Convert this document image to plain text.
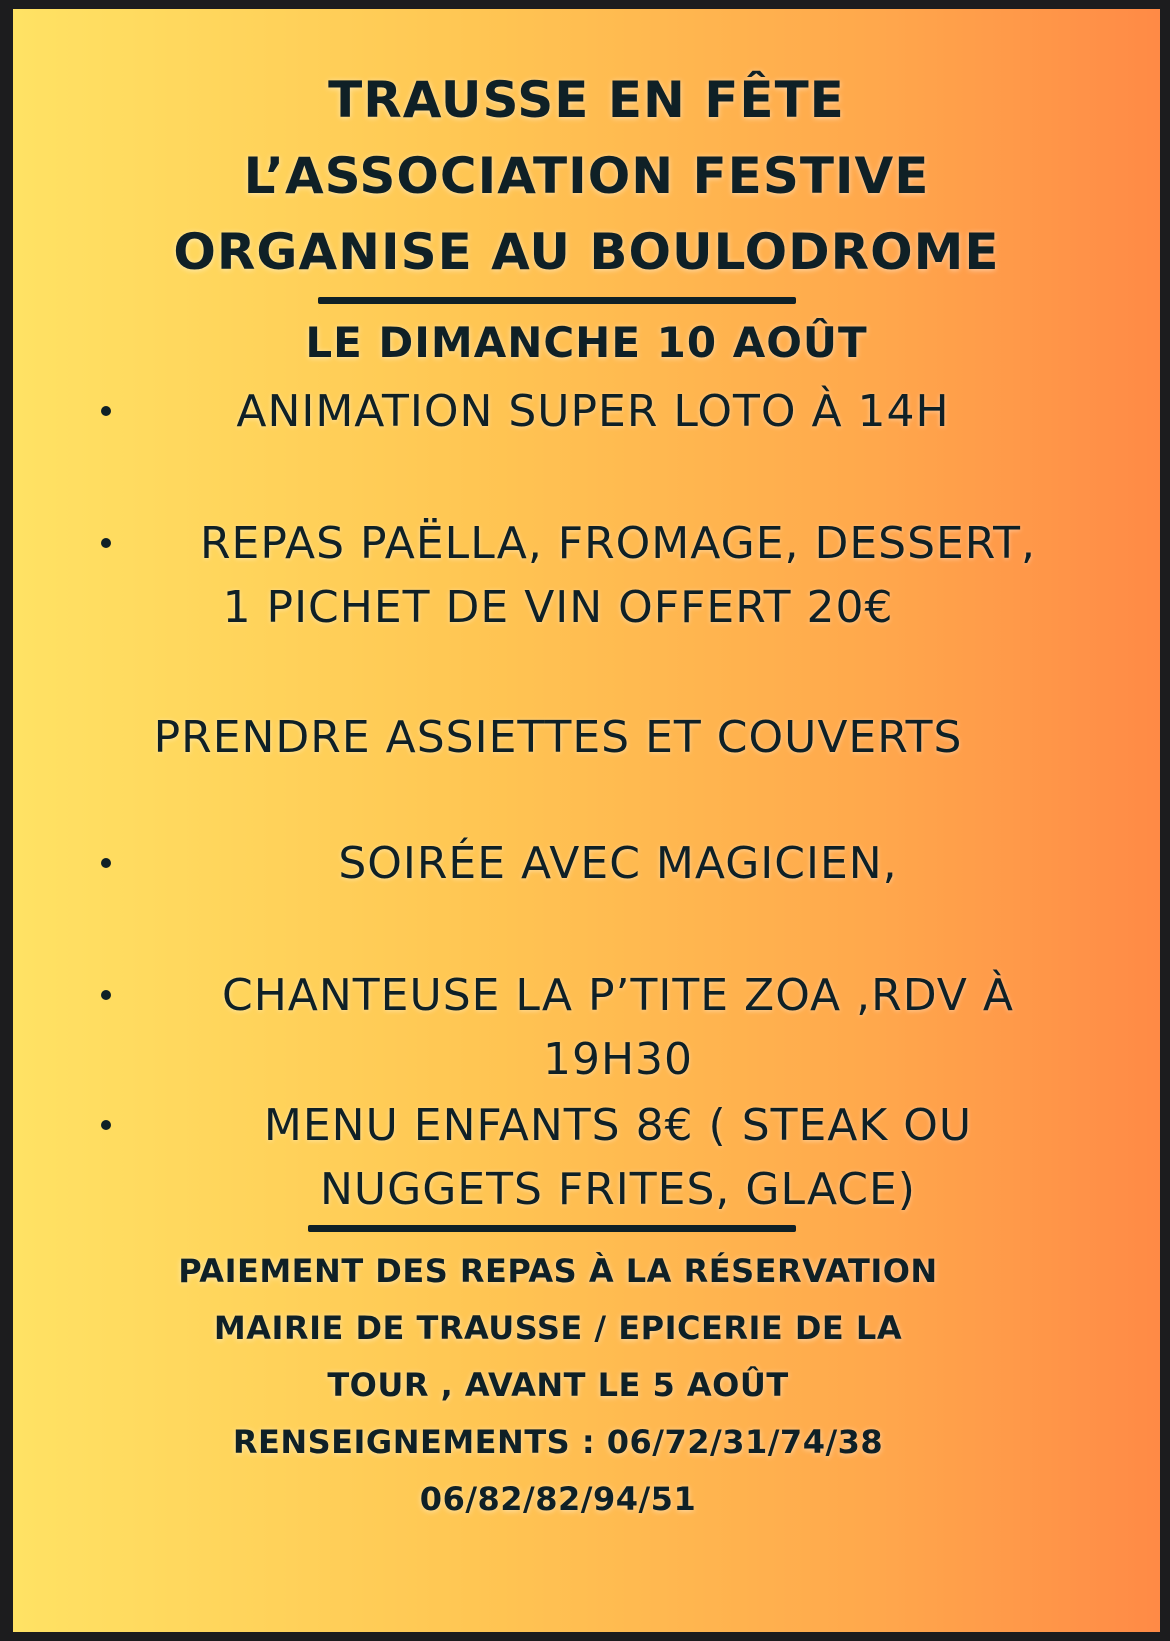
TRAUSSE EN FÊTE
L’ASSOCIATION FESTIVE
ORGANISE AU BOULODROME
LE DIMANCHE 10 AOÛT
ANIMATION SUPER LOTO À 14H
REPAS PAËLLA, FROMAGE, DESSERT,
1 PICHET DE VIN OFFERT 20€
PRENDRE ASSIETTES ET COUVERTS
SOIRÉE AVEC MAGICIEN,
CHANTEUSE LA P’TITE ZOA ,RDV À
19H30
MENU ENFANTS 8€ ( STEAK OU
NUGGETS FRITES, GLACE)
PAIEMENT DES REPAS À LA RÉSERVATION
MAIRIE DE TRAUSSE / EPICERIE DE LA
TOUR , AVANT LE 5 AOÛT
RENSEIGNEMENTS : 06/72/31/74/38
06/82/82/94/51
